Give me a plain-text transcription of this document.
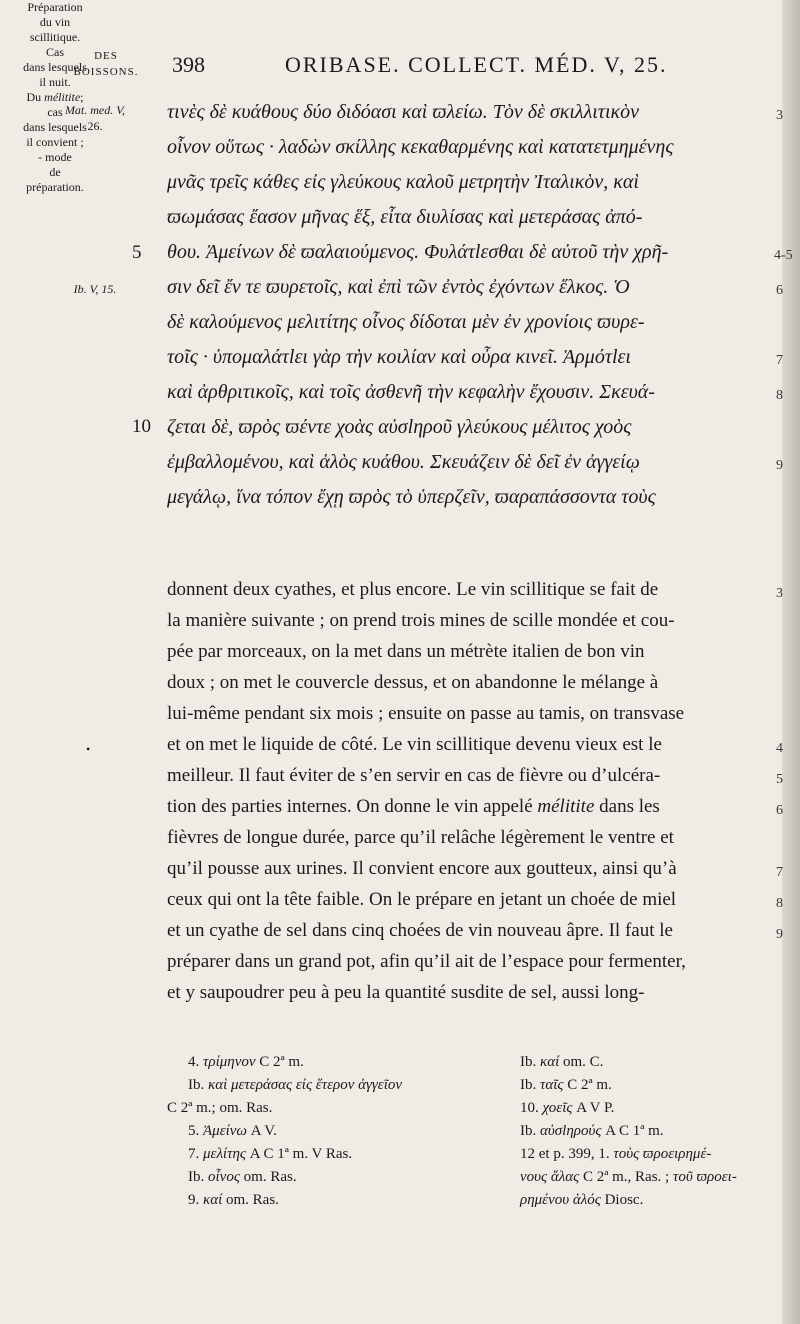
DES
BOISSONS.	398	ORIBASE. COLLECT. MÉD. V, 25.
Mat. med. V,
26.
Ib. V, 15.
5
10
τινὲς δὲ κυάθους δύο διδόασι καὶ ϖλείω. Τὸν δὲ σκιλλιτικὸν
οἶνον οὕτως · λαδὼν σκίλλης κεκαθαρμένης καὶ κατατετμημένης
μνᾶς τρεῖς κάθες εἰς γλεύκους καλοῦ μετρητὴν Ἰταλικὸν, καὶ
ϖωμάσας ἔασον μῆνας ἕξ, εἶτα διυλίσας καὶ μετεράσας ἀπό-
θου. Ἀμείνων δὲ ϖαλαιούμενος. Φυλάτlεσθαι δὲ αὐτοῦ τὴν χρῆ-
σιν δεῖ ἔν τε ϖυρετοῖς, καὶ ἐπὶ τῶν ἐντὸς ἐχόντων ἕλκος. Ὁ
δὲ καλούμενος μελιτίτης οἶνος δίδοται μὲν ἐν χρονίοις ϖυρε-
τοῖς · ὑπομαλάτlει γὰρ τὴν κοιλίαν καὶ οὖρα κινεῖ. Ἁρμότlει
καὶ ἀρθριτικοῖς, καὶ τοῖς ἀσθενῆ τὴν κεφαλὴν ἔχουσιν. Σκευά-
ζεται δὲ, ϖρὸς ϖέντε χοὰς αὐσlηροῦ γλεύκους μέλιτος χοὸς
ἐμβαλλομένου, καὶ ἁλὸς κυάθου. Σκευάζειν δὲ δεῖ ἐν ἀγγείῳ
μεγάλῳ, ἵνα τόπον ἔχῃ ϖρὸς τὸ ὑπερζεῖν, ϖαραπάσσοντα τοὺς
3
4-5
6
7
8
9
Préparation
du vin
scillitique.
•
Cas
dans lesquels
il nuit.
Du mélitite;
cas
dans lesquels
il convient ;
- mode
de
préparation.
donnent deux cyathes, et plus encore. Le vin scillitique se fait de
la manière suivante ; on prend trois mines de scille mondée et cou-
pée par morceaux, on la met dans un métrète italien de bon vin
doux ; on met le couvercle dessus, et on abandonne le mélange à
lui-même pendant six mois ; ensuite on passe au tamis, on transvase
et on met le liquide de côté. Le vin scillitique devenu vieux est le
meilleur. Il faut éviter de s’en servir en cas de fièvre ou d’ulcéra-
tion des parties internes. On donne le vin appelé mélitite dans les
fièvres de longue durée, parce qu’il relâche légèrement le ventre et
qu’il pousse aux urines. Il convient encore aux goutteux, ainsi qu’à
ceux qui ont la tête faible. On le prépare en jetant un choée de miel
et un cyathe de sel dans cinq choées de vin nouveau âpre. Il faut le
préparer dans un grand pot, afin qu’il ait de l’espace pour fermenter,
et y saupoudrer peu à peu la quantité susdite de sel, aussi long-
3
4
5
6
7
8
9
4. τρίμηνον C 2ª m.
Ib. καὶ μετεράσας εἰς ἕτερον ἀγγεῖον
C 2ª m.; om. Ras.
5. Ἀμείνω A V.
7. μελίτης A C 1ª m. V Ras.
Ib. οἶνος om. Ras.
9. καί om. Ras.
Ib. καί om. C.
Ib. ταῖς C 2ª m.
10. χοεῖς A V P.
Ib. αὐσlηρούς A C 1ª m.
12 et p. 399, 1. τοὺς ϖροειρημέ-
νους ἅλας C 2ª m., Ras. ; τοῦ ϖροει-
ρημένου ἁλός Diosc.
